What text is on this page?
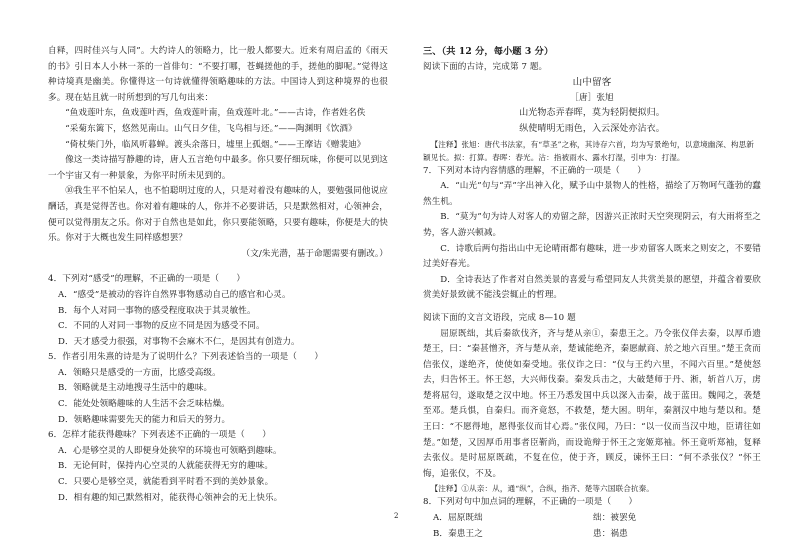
自释，四时佳兴与人同”。大约诗人的领略力，比一般人都要大。近来有周启孟的《雨天的书》引日本人小林一茶的一首俳句：“不要打哪，苍蝇搓他的手，搓他的脚呢。”觉得这种诗境真是幽美。你懂得这一句诗就懂得领略趣味的方法。中国诗人到这种境界的也很多。现在姑且就一时所想到的写几句出来：

“鱼戏莲叶东，鱼戏莲叶西，鱼戏莲叶南，鱼戏莲叶北。”——古诗，作者姓名佚

“采菊东篱下，悠然见南山。山气日夕佳，飞鸟相与还。”——陶渊明《饮酒》

“倚杖柴门外，临风听暮蝉。渡头余落日，墟里上孤烟。”——王摩诘《赠裴迪》

像这一类诗描写静趣的诗，唐人五言绝句中最多。你只要仔细玩味，你便可以见到这一个宇宙又有一种景象，为你平时所未见到的。

⑩我生平不怕呆人，也不怕聪明过度的人，只是对着没有趣味的人，要勉强同他说应酬话，真是觉得苦也。你对着有趣味的人，你并不必要讲话，只是默然相对，心领神会，便可以觉得朋友之乐。你对于自然也是如此，你只要能领略，只要有趣味，你便是大的快乐。你对于大概也发生同样感想罢？

（文/朱光潜，基于命题需要有删改。）

4．下列对“感受”的理解，不正确的一项是（　　）

A．“感受”是被动的容许自然界事物感动自己的感官和心灵。

B．每个人对同一事物的感受程度取决于其灵敏性。

C．不同的人对同一事物的反应不同是因为感受不同。

D．天才感受力很强，对事物不会麻木不仁，是因其有创造力。

5．作者引用朱熹的诗是为了说明什么？下列表述恰当的一项是（　　）

A．领略只是感受的一方面，比感受高级。

B．领略就是主动地搜寻生活中的趣味。

C．能处处领略趣味的人生活不会乏味枯燥。

D．领略趣味需要先天的能力和后天的努力。

6．怎样才能获得趣味？下列表述不正确的一项是（　　）

A．心是够空灵的人即便身处狭窄的环境也可领略到趣味。

B．无论何时，保持内心空灵的人就能获得无穷的趣味。

C．只要心是够空灵，就能看到平时看不到的美妙景象。

D．相有趣的知己默然相对，能获得心领神会的无上快乐。

三、（共 12 分，每小题 3 分）

阅读下面的古诗，完成第 7 题。

山中留客

［唐］张旭

山光物态弄春晖，莫为轻阴便拟归。

纵使晴明无雨色，入云深处亦沾衣。

【注释】张旭：唐代书法家，有“草圣”之称，其诗存六首，均为写景绝句，以意境幽深、构思新颖见长。拟：打算。春晖：春光。沾：指被雨水、露水打湿，引申为：打湿。

7．下列对本诗内容情感的理解，不正确的一项是（　　）

A．“山光”句与“弄”字出神入化，赋予山中景物人的性格，描绘了万物呵气蓬勃的蠢然生机。

B．“莫为”句为诗人对客人的劝留之辞，因游兴正浓时天空突现阴云，有大雨将至之势，客人游兴顿减。

C．诗歌后两句指出山中无论晴雨都有趣味，进一步劝留客人既来之则安之，不要错过美好春光。

D．全诗表达了作者对自然美景的喜爱与希望同友人共赏美景的愿望，并蕴含着要欣赏美好景致就不能浅尝辄止的哲理。

阅读下面的文言文语段，完成 8—10 题

屈原既绌，其后秦欲伐齐，齐与楚从亲①，秦患王之。乃令张仪佯去秦，以厚币遗楚王，曰：“秦甚憎齐，齐与楚从亲，楚诚能绝齐，秦愿献商、於之地六百里。”楚王贪而信张仪，遂绝齐，使使如秦受地。张仪诈之曰：“仪与王约六里，不闻六百里。”楚使怒去，归告怀王。怀王怒，大兴师伐秦。秦发兵击之，大破楚师于丹、淅，斩首八万，虏楚将屈匄，遂取楚之汉中地。怀王乃悉发国中兵以深入击秦，战于蓝田。魏闻之，袭楚至邓。楚兵惧，自秦归。而齐竟怒，不救楚，楚大困。明年，秦割汉中地与楚以和。楚王曰：“不愿得地，愿得张仪而甘心焉。”张仪闻，乃曰：“以一仪而当汉中地，臣请往如楚。”如楚，又因厚币用事者臣靳尚，而设诡辩于怀王之宠姬郑袖。怀王竟听郑袖，复释去张仪。是时屈原既疏，不复在位，使于齐，顾反，谏怀王曰：“何不杀张仪？”怀王悔，追张仪，不及。

【注释】①从亲：从，通“纵”，合纵，指齐、楚等六国联合抗秦。

8．下列对句中加点词的理解，不正确的一项是（　　）

A．屈原既绌	绌：被罢免
B．秦患王之	患：祸患
2
